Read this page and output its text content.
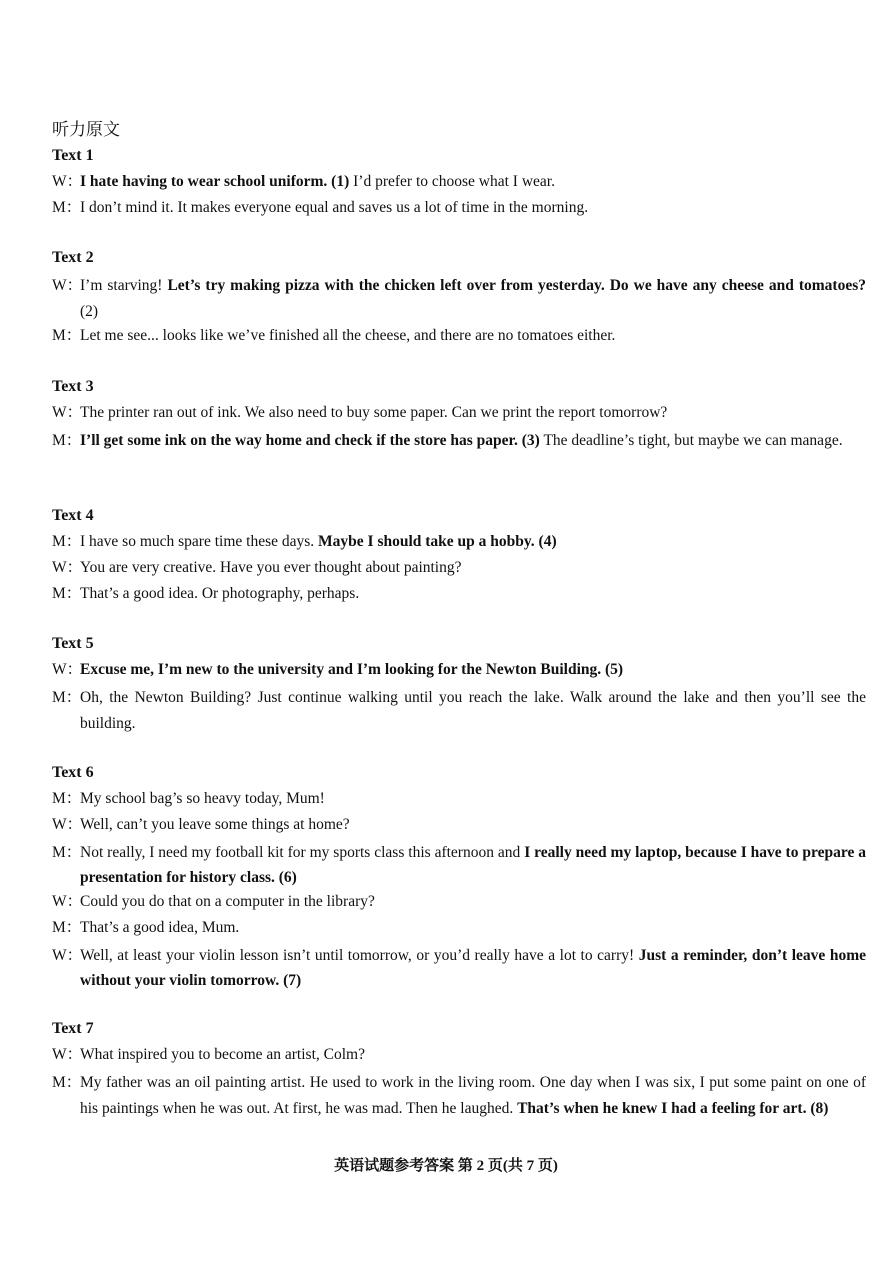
听力原文
Text 1
W：I hate having to wear school uniform. (1) I’d prefer to choose what I wear.
M：I don’t mind it. It makes everyone equal and saves us a lot of time in the morning.
Text 2
W：I’m starving! Let’s try making pizza with the chicken left over from yesterday. Do we have any cheese and tomatoes? (2)
M：Let me see... looks like we’ve finished all the cheese, and there are no tomatoes either.
Text 3
W：The printer ran out of ink. We also need to buy some paper. Can we print the report tomorrow?
M：I’ll get some ink on the way home and check if the store has paper. (3) The deadline’s tight, but maybe we can manage.
Text 4
M：I have so much spare time these days. Maybe I should take up a hobby. (4)
W：You are very creative. Have you ever thought about painting?
M：That’s a good idea. Or photography, perhaps.
Text 5
W：Excuse me, I’m new to the university and I’m looking for the Newton Building. (5)
M：Oh, the Newton Building? Just continue walking until you reach the lake. Walk around the lake and then you’ll see the building.
Text 6
M：My school bag’s so heavy today, Mum!
W：Well, can’t you leave some things at home?
M：Not really, I need my football kit for my sports class this afternoon and I really need my laptop, because I have to prepare a presentation for history class. (6)
W：Could you do that on a computer in the library?
M：That’s a good idea, Mum.
W：Well, at least your violin lesson isn’t until tomorrow, or you’d really have a lot to carry! Just a reminder, don’t leave home without your violin tomorrow. (7)
Text 7
W：What inspired you to become an artist, Colm?
M：My father was an oil painting artist. He used to work in the living room. One day when I was six, I put some paint on one of his paintings when he was out. At first, he was mad. Then he laughed. That’s when he knew I had a feeling for art. (8)
英语试题参考答案 第 2 页(共 7 页)
